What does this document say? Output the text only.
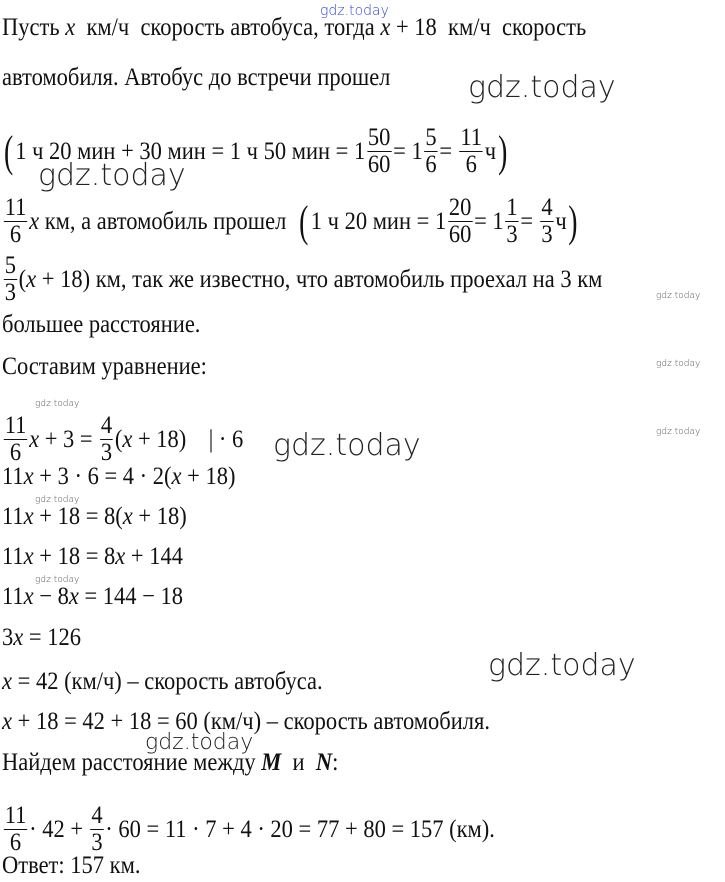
Пусть x км/ч  скорость автобуса, тогда x + 18  км/ч  скорость
автомобиля. Автобус до встречи прошел
( 1 ч 20 мин + 30 мин = 1 ч 50 мин = $1 \frac{50}{60} = 1 \frac{5}{6} = \frac{11}{6}$ ч )
$\frac{11}{6}$ x км, а автомобиль прошел ( 1 ч 20 мин = $1 \frac{20}{60} = 1 \frac{1}{3} = \frac{4}{3}$ ч )
$\frac{5}{3}$ ( x + 18) км, так же известно, что автомобиль проехал на 3 км
большее расстояние.
Составим уравнение:
$\frac{11}{6}$ $x + 3 = \frac{4}{3}$ ( x + 18)    | · 6
11 x + 3 · 6 = 4 · 2( x + 18)
11 x + 18 = 8( x + 18)
11 x + 18 = 8 x + 144
11 x − 8 x = 144 − 18
3 x = 126
x = 42 (км/ч) – скорость автобуса.
x + 18 = 42 + 18 = 60 (км/ч) – скорость автомобиля.
Найдем расстояние между M и N :
$\frac{11}{6} \cdot 42 + \frac{4}{3} \cdot 60 = 11 \cdot 7 + 4 \cdot 20 = 77 + 80 = 157$ (км).
Ответ: 157 км.
gdz.today
gdz.today
gdz.today
gdz.today
gdz.today
gdz.today
gdz.today
gdz.today
gdz.today
gdz.today
gdz.today
gdz.today
